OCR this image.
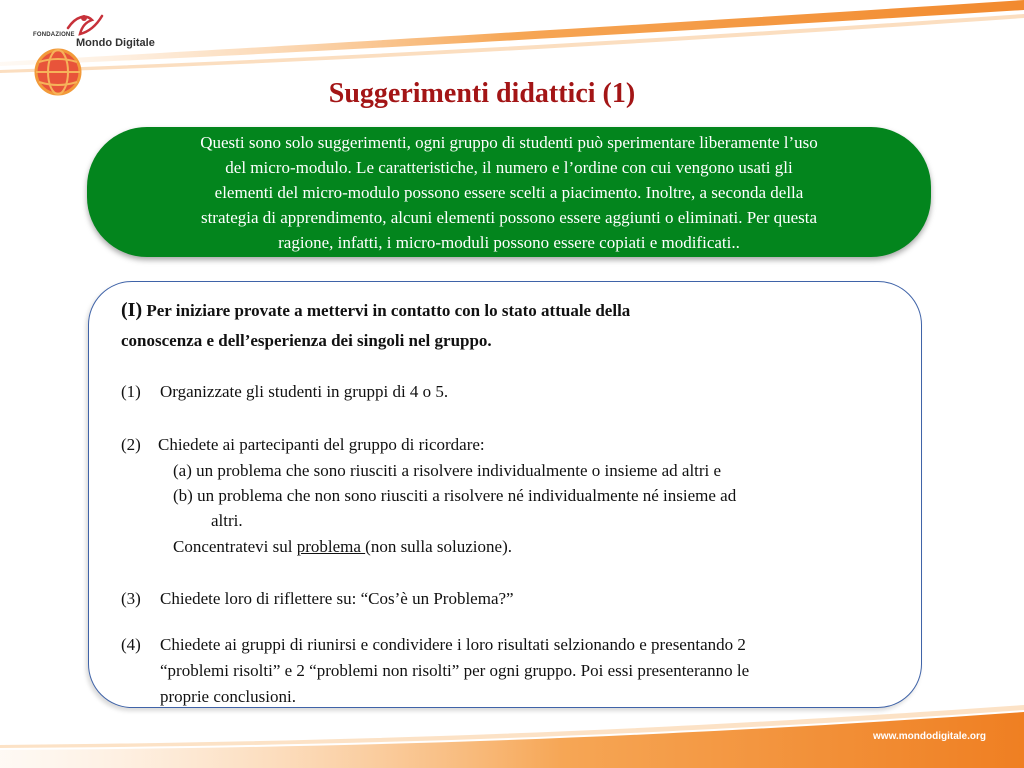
FONDAZIONE
Mondo Digitale
Suggerimenti didattici (1)

Questi sono solo suggerimenti, ogni gruppo di studenti può sperimentare liberamente l’uso
del micro-modulo. Le caratteristiche, il numero e l’ordine con cui vengono usati gli
elementi del micro-modulo possono essere scelti a piacimento. Inoltre, a seconda della
strategia di apprendimento, alcuni elementi possono essere aggiunti o eliminati. Per questa
ragione, infatti, i micro-moduli possono essere copiati e modificati..

(I) Per iniziare provate a mettervi in contatto con lo stato attuale della
conoscenza e dell’esperienza dei singoli nel gruppo.
(1) Organizzate gli studenti in gruppi di 4 o 5.
(2) Chiedete ai partecipanti del gruppo di ricordare:
(a) un problema che sono riusciti a risolvere individualmente o insieme ad altri e
(b) un problema che non sono riusciti a risolvere né individualmente né insieme ad
altri.
Concentratevi sul problema (non sulla soluzione).
(3) Chiedete loro di riflettere su: “Cos’è un Problema?”
(4) Chiedete ai gruppi di riunirsi e condividere i loro risultati selzionando e presentando 2
“problemi risolti” e 2 “problemi non risolti” per ogni gruppo. Poi essi presenteranno le
proprie conclusioni.
www.mondodigitale.org
